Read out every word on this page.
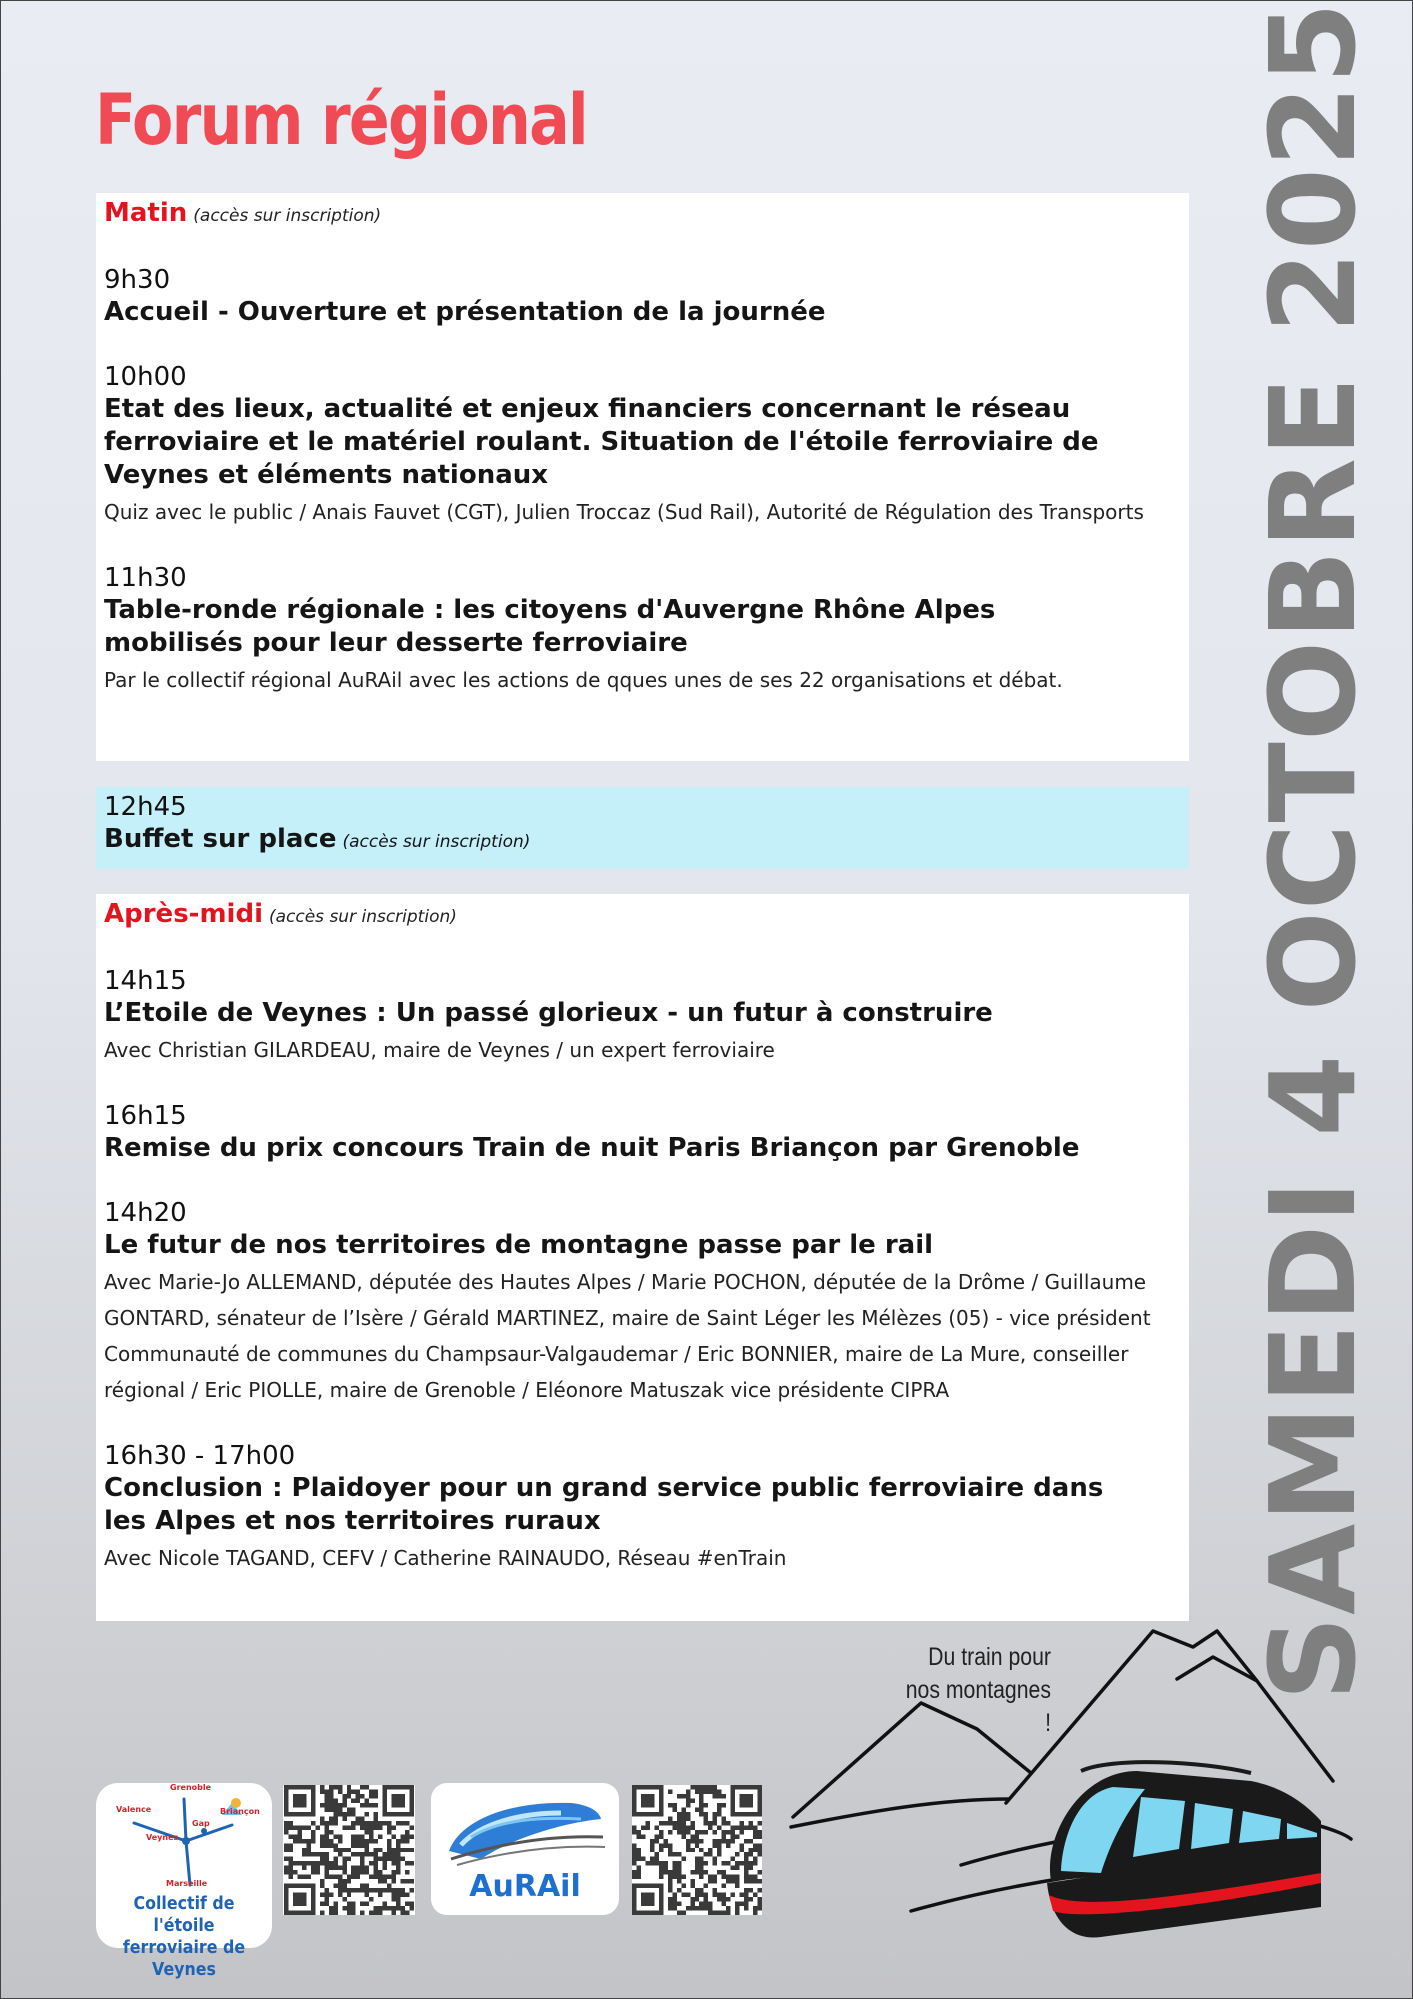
Forum régional	SAMEDI 4 OCTOBRE 2025
Matin (accès sur inscription)
9h30
Accueil - Ouverture et présentation de la journée
10h00
Etat des lieux, actualité et enjeux financiers concernant le réseau ferroviaire et le matériel roulant. Situation de l'étoile ferroviaire de Veynes et éléments nationaux
Quiz avec le public / Anais Fauvet (CGT), Julien Troccaz (Sud Rail), Autorité de Régulation des Transports
11h30
Table-ronde régionale : les citoyens d'Auvergne Rhône Alpes mobilisés pour leur desserte ferroviaire
Par le collectif régional AuRAil avec les actions de qques unes de ses 22 organisations et débat.
12h45
Buffet sur place (accès sur inscription)
Après-midi (accès sur inscription)
14h15
L’Etoile de Veynes : Un passé glorieux - un futur à construire
Avec Christian GILARDEAU, maire de Veynes / un expert ferroviaire
16h15
Remise du prix concours Train de nuit Paris Briançon par Grenoble
14h20
Le futur de nos territoires de montagne passe par le rail
Avec Marie-Jo ALLEMAND, députée des Hautes Alpes / Marie POCHON, députée de la Drôme / Guillaume GONTARD, sénateur de l’Isère / Gérald MARTINEZ, maire de Saint Léger les Mélèzes (05) - vice président Communauté de communes du Champsaur-Valgaudemar / Eric BONNIER, maire de La Mure, conseiller régional / Eric PIOLLE, maire de Grenoble / Eléonore Matuszak vice présidente CIPRA
16h30 - 17h00
Conclusion : Plaidoyer pour un grand service public ferroviaire dans les Alpes et nos territoires ruraux
Avec Nicole TAGAND, CEFV / Catherine RAINAUDO, Réseau #enTrain
Du train pour
nos montagnes !
Grenoble
Valence	Briançon
Gap
Veynes
Marseille
Collectif de l'étoile
ferroviaire de Veynes
AuRAil
